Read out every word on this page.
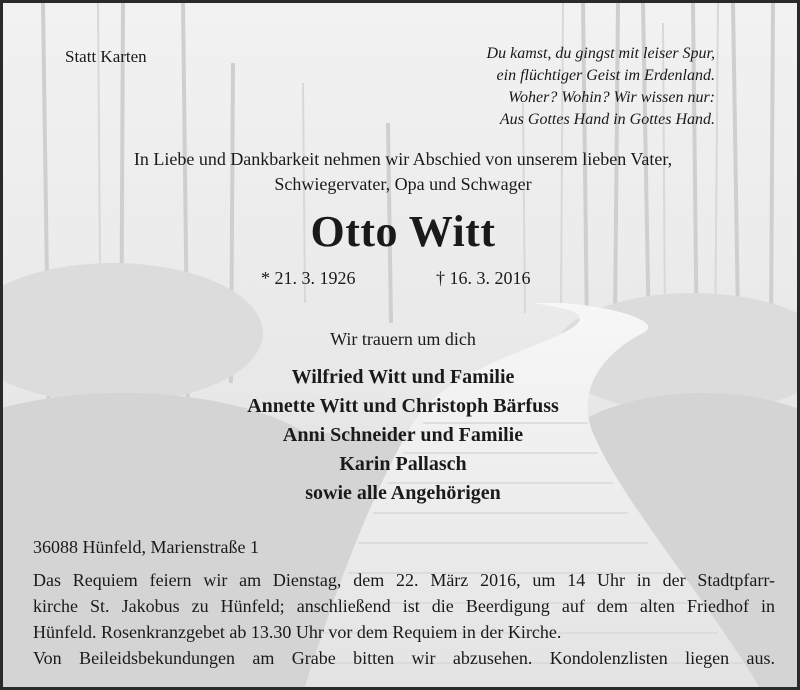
Statt Karten	Du kamst, du gingst mit leiser Spur,
ein flüchtiger Geist im Erdenland.
Woher? Wohin? Wir wissen nur:
Aus Gottes Hand in Gottes Hand.
In Liebe und Dankbarkeit nehmen wir Abschied von unserem lieben Vater,
Schwiegervater, Opa und Schwager
Otto Witt
* 21. 3. 1926	† 16. 3. 2016
Wir trauern um dich
Wilfried Witt und Familie
Annette Witt und Christoph Bärfuss
Anni Schneider und Familie
Karin Pallasch
sowie alle Angehörigen
36088 Hünfeld, Marienstraße 1
Das Requiem feiern wir am Dienstag, dem 22. März 2016, um 14 Uhr in der Stadtpfarr-
kirche St. Jakobus zu Hünfeld; anschließend ist die Beerdigung auf dem alten Friedhof in
Hünfeld. Rosenkranzgebet ab 13.30 Uhr vor dem Requiem in der Kirche.
Von Beileidsbekundungen am Grabe bitten wir abzusehen. Kondolenzlisten liegen aus.
